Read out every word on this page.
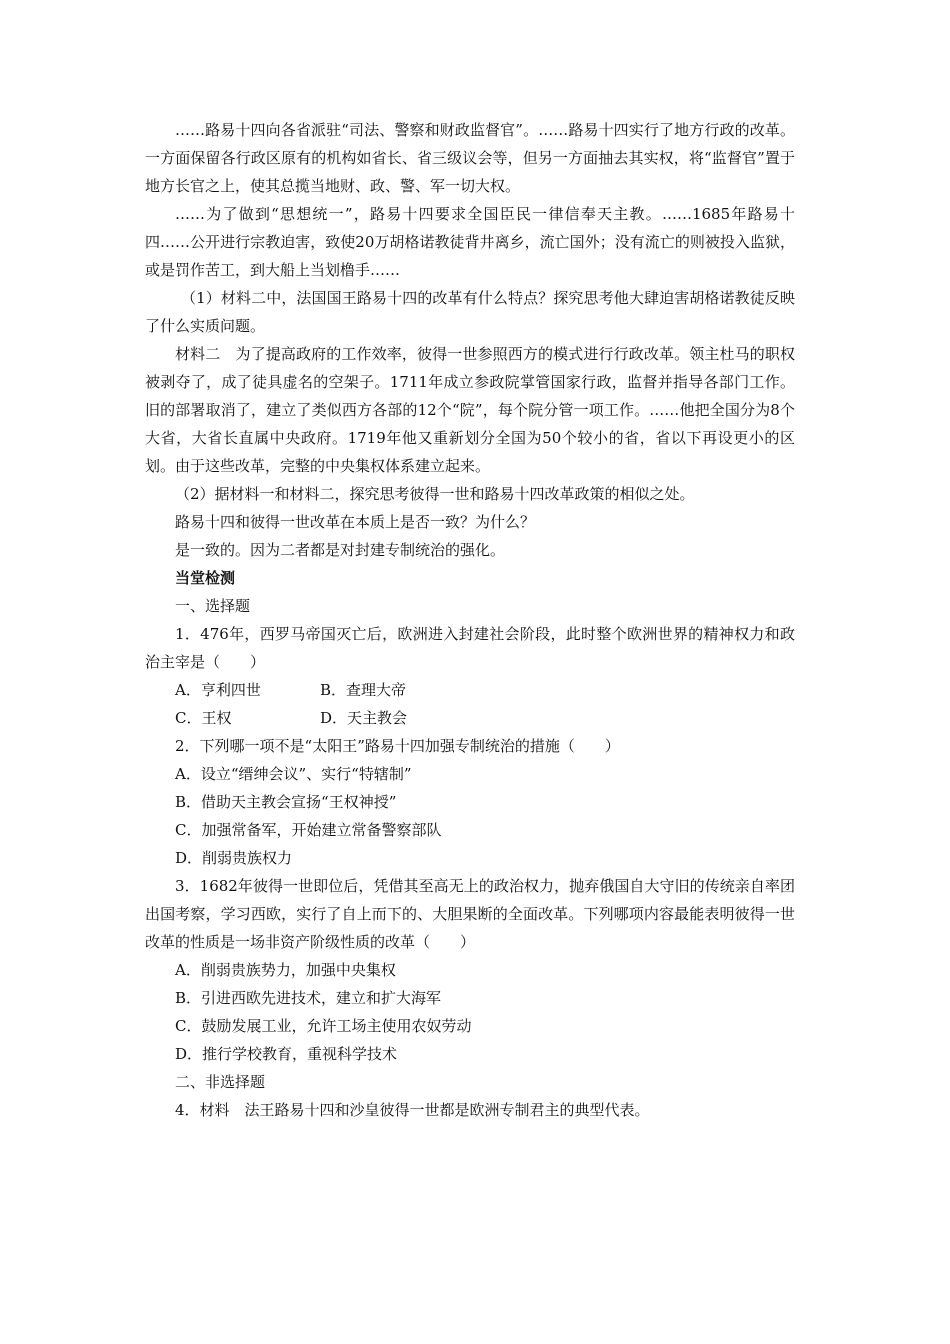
……路易十四向各省派驻“司法、警察和财政监督官”。……路易十四实行了地方行政的改革。一方面保留各行政区原有的机构如省长、省三级议会等，但另一方面抽去其实权，将“监督官”置于地方长官之上，使其总揽当地财、政、警、军一切大权。

……为了做到“思想统一”，路易十四要求全国臣民一律信奉天主教。……1685年路易十四……公开进行宗教迫害，致使20万胡格诺教徒背井离乡，流亡国外；没有流亡的则被投入监狱，或是罚作苦工，到大船上当划橹手……

（1）材料二中，法国国王路易十四的改革有什么特点？探究思考他大肆迫害胡格诺教徒反映了什么实质问题。

材料二　为了提高政府的工作效率，彼得一世参照西方的模式进行行政改革。领主杜马的职权被剥夺了，成了徒具虚名的空架子。1711年成立参政院掌管国家行政，监督并指导各部门工作。旧的部署取消了，建立了类似西方各部的12个“院”，每个院分管一项工作。……他把全国分为8个大省，大省长直属中央政府。1719年他又重新划分全国为50个较小的省，省以下再设更小的区划。由于这些改革，完整的中央集权体系建立起来。

（2）据材料一和材料二，探究思考彼得一世和路易十四改革政策的相似之处。

路易十四和彼得一世改革在本质上是否一致？为什么？

是一致的。因为二者都是对封建专制统治的强化。

当堂检测

一、选择题

1．476年，西罗马帝国灭亡后，欧洲进入封建社会阶段，此时整个欧洲世界的精神权力和政治主宰是（　　）

A．亨利四世	B．查理大帝

C．王权	D．天主教会

2．下列哪一项不是“太阳王”路易十四加强专制统治的措施（　　）

A．设立“缙绅会议”、实行“特辖制”

B．借助天主教会宣扬“王权神授”

C．加强常备军，开始建立常备警察部队

D．削弱贵族权力

3．1682年彼得一世即位后，凭借其至高无上的政治权力，抛弃俄国自大守旧的传统亲自率团出国考察，学习西欧，实行了自上而下的、大胆果断的全面改革。下列哪项内容最能表明彼得一世改革的性质是一场非资产阶级性质的改革（　　）

A．削弱贵族势力，加强中央集权

B．引进西欧先进技术，建立和扩大海军

C．鼓励发展工业，允许工场主使用农奴劳动

D．推行学校教育，重视科学技术

二、非选择题

4．材料　法王路易十四和沙皇彼得一世都是欧洲专制君主的典型代表。
